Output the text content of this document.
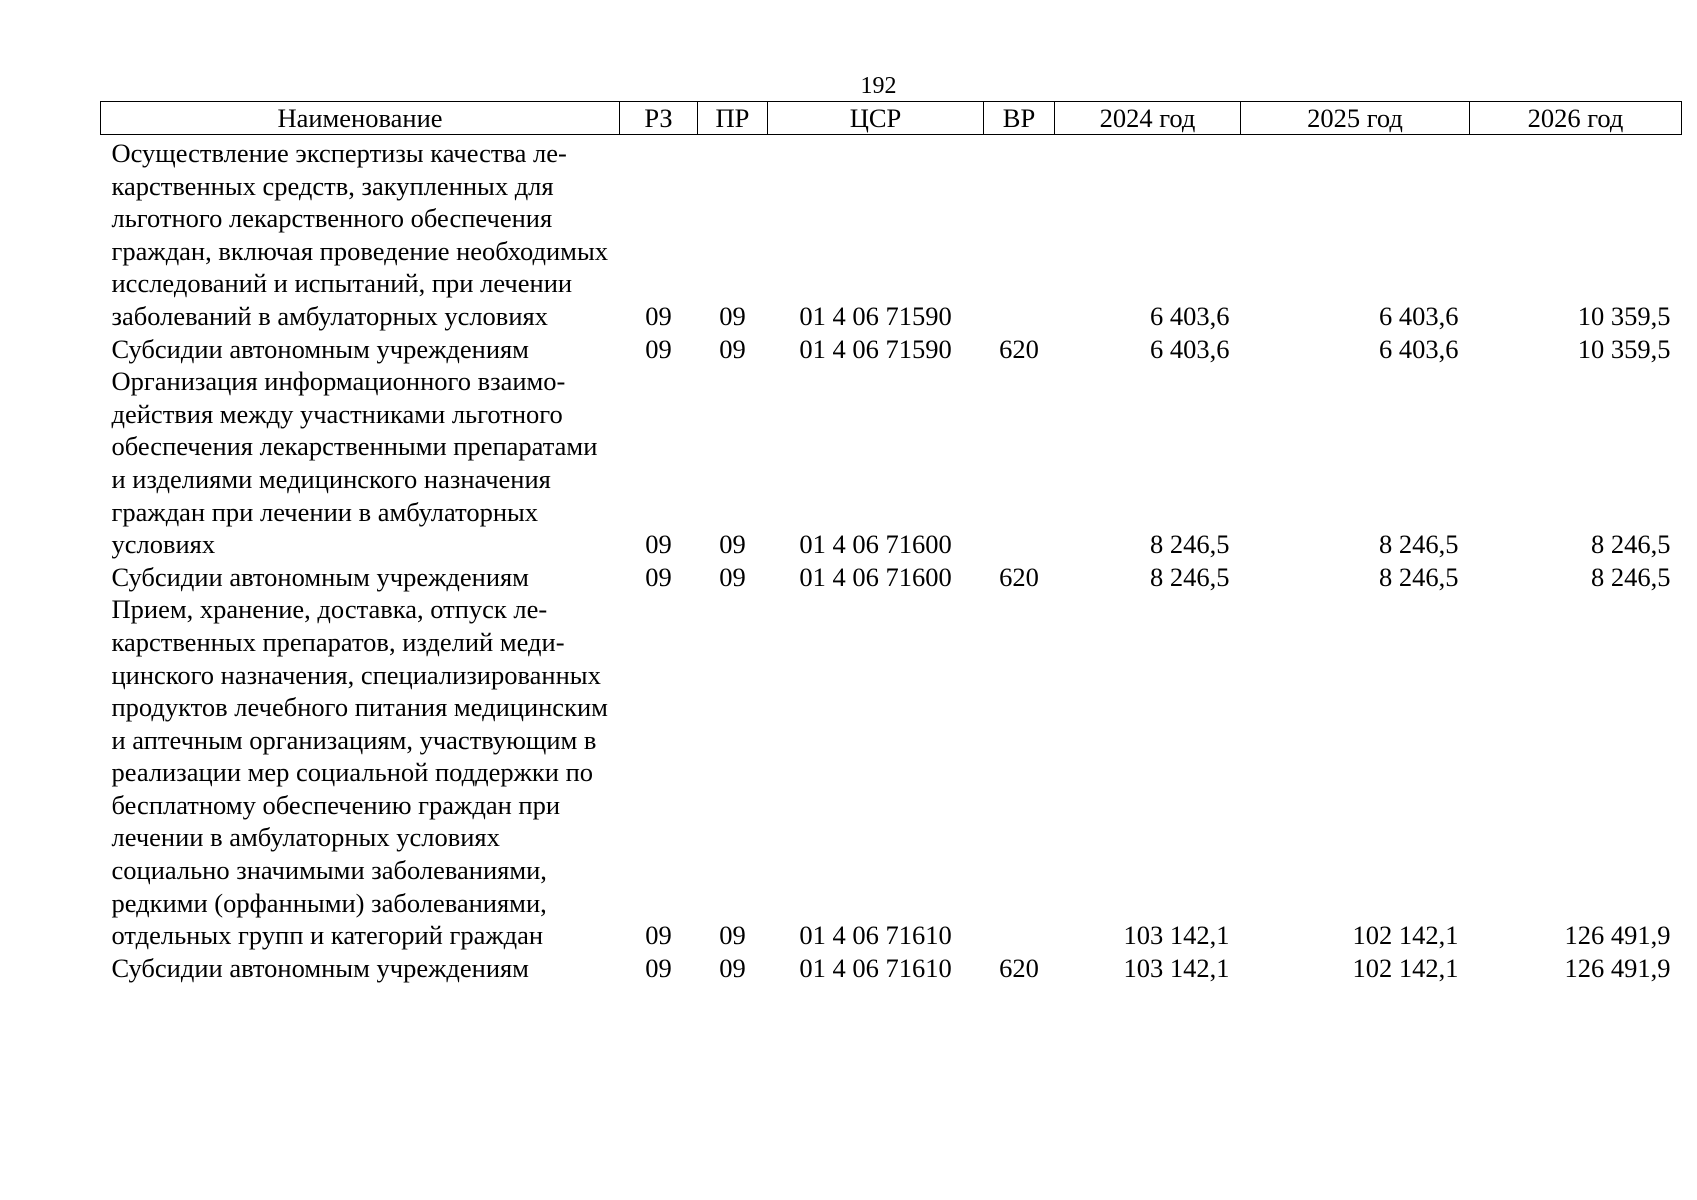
192
Наименование	РЗ	ПР	ЦСР	ВР	2024 год	2025 год	2026 год
Осуществление экспертизы качества лекарственных средств, закупленных для льготного лекарственного обеспечения граждан, включая проведение необходимых исследований и испытаний, при лечении заболеваний в амбулаторных условиях	09	09	01 4 06 71590		6 403,6	6 403,6	10 359,5
Субсидии автономным учреждениям	09	09	01 4 06 71590	620	6 403,6	6 403,6	10 359,5
Организация информационного взаимодействия между участниками льготного обеспечения лекарственными препаратами и изделиями медицинского назначения граждан при лечении в амбулаторных условиях	09	09	01 4 06 71600		8 246,5	8 246,5	8 246,5
Субсидии автономным учреждениям	09	09	01 4 06 71600	620	8 246,5	8 246,5	8 246,5
Прием, хранение, доставка, отпуск лекарственных препаратов, изделий медицинского назначения, специализированных продуктов лечебного питания медицинским и аптечным организациям, участвующим в реализации мер социальной поддержки по бесплатному обеспечению граждан при лечении в амбулаторных условиях социально значимыми заболеваниями, редкими (орфанными) заболеваниями, отдельных групп и категорий граждан	09	09	01 4 06 71610		103 142,1	102 142,1	126 491,9
Субсидии автономным учреждениям	09	09	01 4 06 71610	620	103 142,1	102 142,1	126 491,9
